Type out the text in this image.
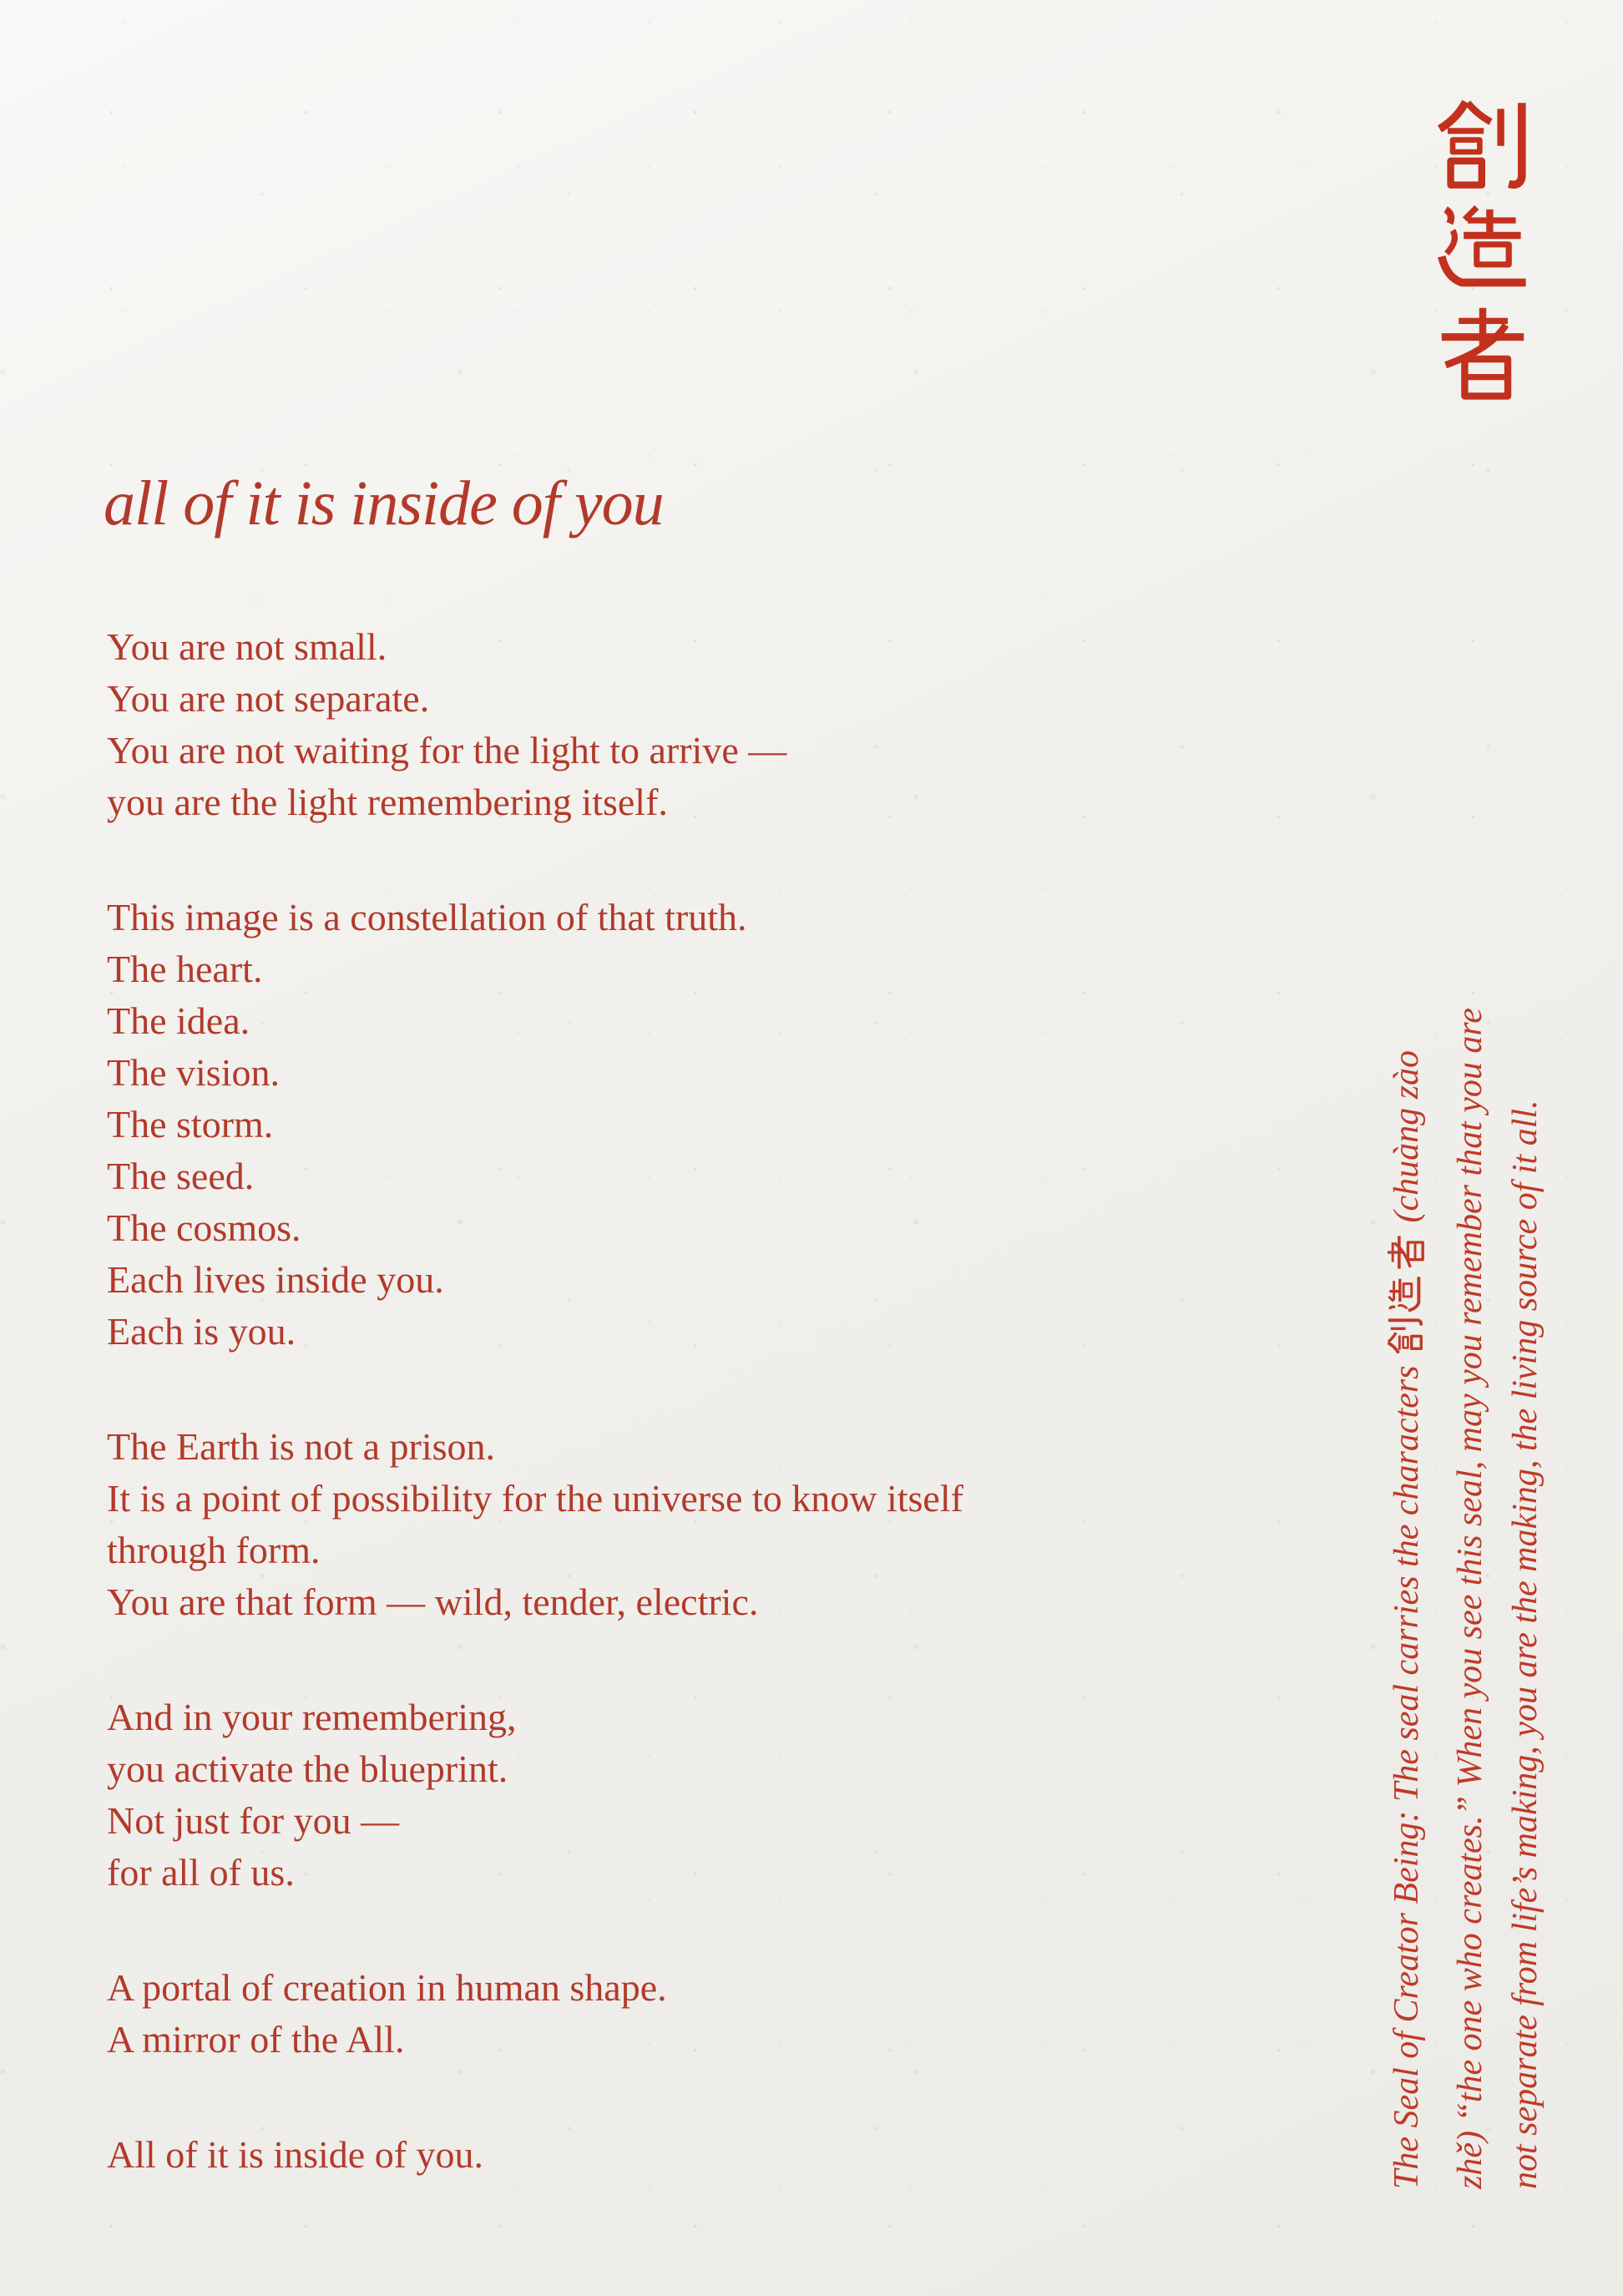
all of it is inside of you

You are not small.
You are not separate.
You are not waiting for the light to arrive —
you are the light remembering itself.

This image is a constellation of that truth.
The heart.
The idea.
The vision.
The storm.
The seed.
The cosmos.
Each lives inside you.
Each is you.

The Earth is not a prison.
It is a point of possibility for the universe to know itself
through form.
You are that form — wild, tender, electric.

And in your remembering,
you activate the blueprint.
Not just for you —
for all of us.

A portal of creation in human shape.
A mirror of the All.

All of it is inside of you.	The Seal of Creator Being: The seal carries the characters  (chuàng zào zhě) “the one who creates.” When you see this seal, may you remember that you are not separate from life’s making, you are the making, the living source of it all.
